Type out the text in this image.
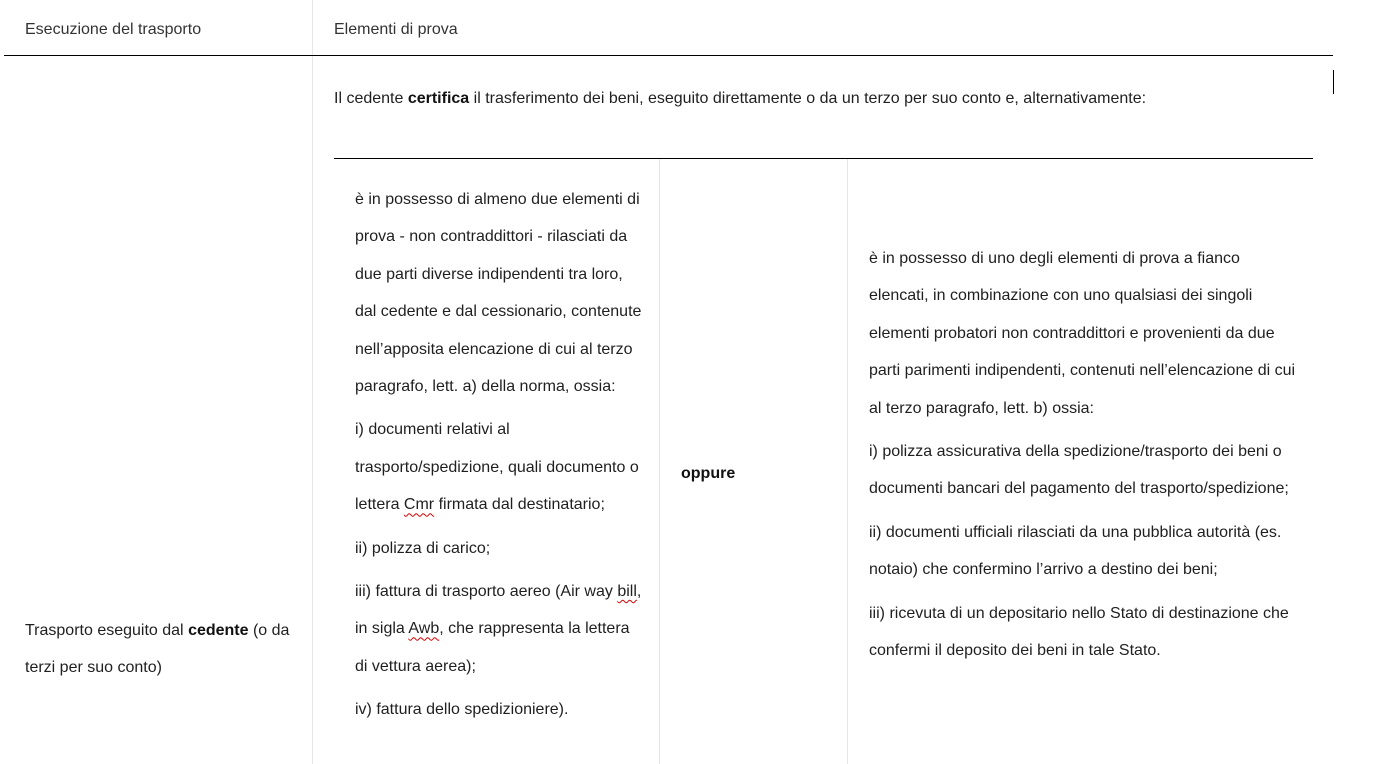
Esecuzione del trasporto	Elementi di prova
Trasporto eseguito dal cedente (o da terzi per suo conto)
Il cedente certifica il trasferimento dei beni, eseguito direttamente o da un terzo per suo conto e, alternativamente:

è in possesso di almeno due elementi di prova - non contraddittori - rilasciati da due parti diverse indipendenti tra loro, dal cedente e dal cessionario, contenute nell’apposita elencazione di cui al terzo paragrafo, lett. a) della norma, ossia:

i) documenti relativi al trasporto/spedizione, quali documento o lettera Cmr firmata dal destinatario;

ii) polizza di carico;

iii) fattura di trasporto aereo (Air way bill, in sigla Awb, che rappresenta la lettera di vettura aerea);

iv) fattura dello spedizioniere).

oppure

è in possesso di uno degli elementi di prova a fianco elencati, in combinazione con uno qualsiasi dei singoli elementi probatori non contraddittori e provenienti da due parti parimenti indipendenti, contenuti nell’elencazione di cui al terzo paragrafo, lett. b) ossia:

i) polizza assicurativa della spedizione/trasporto dei beni o documenti bancari del pagamento del trasporto/spedizione;

ii) documenti ufficiali rilasciati da una pubblica autorità (es. notaio) che confermino l’arrivo a destino dei beni;

iii) ricevuta di un depositario nello Stato di destinazione che confermi il deposito dei beni in tale Stato.
